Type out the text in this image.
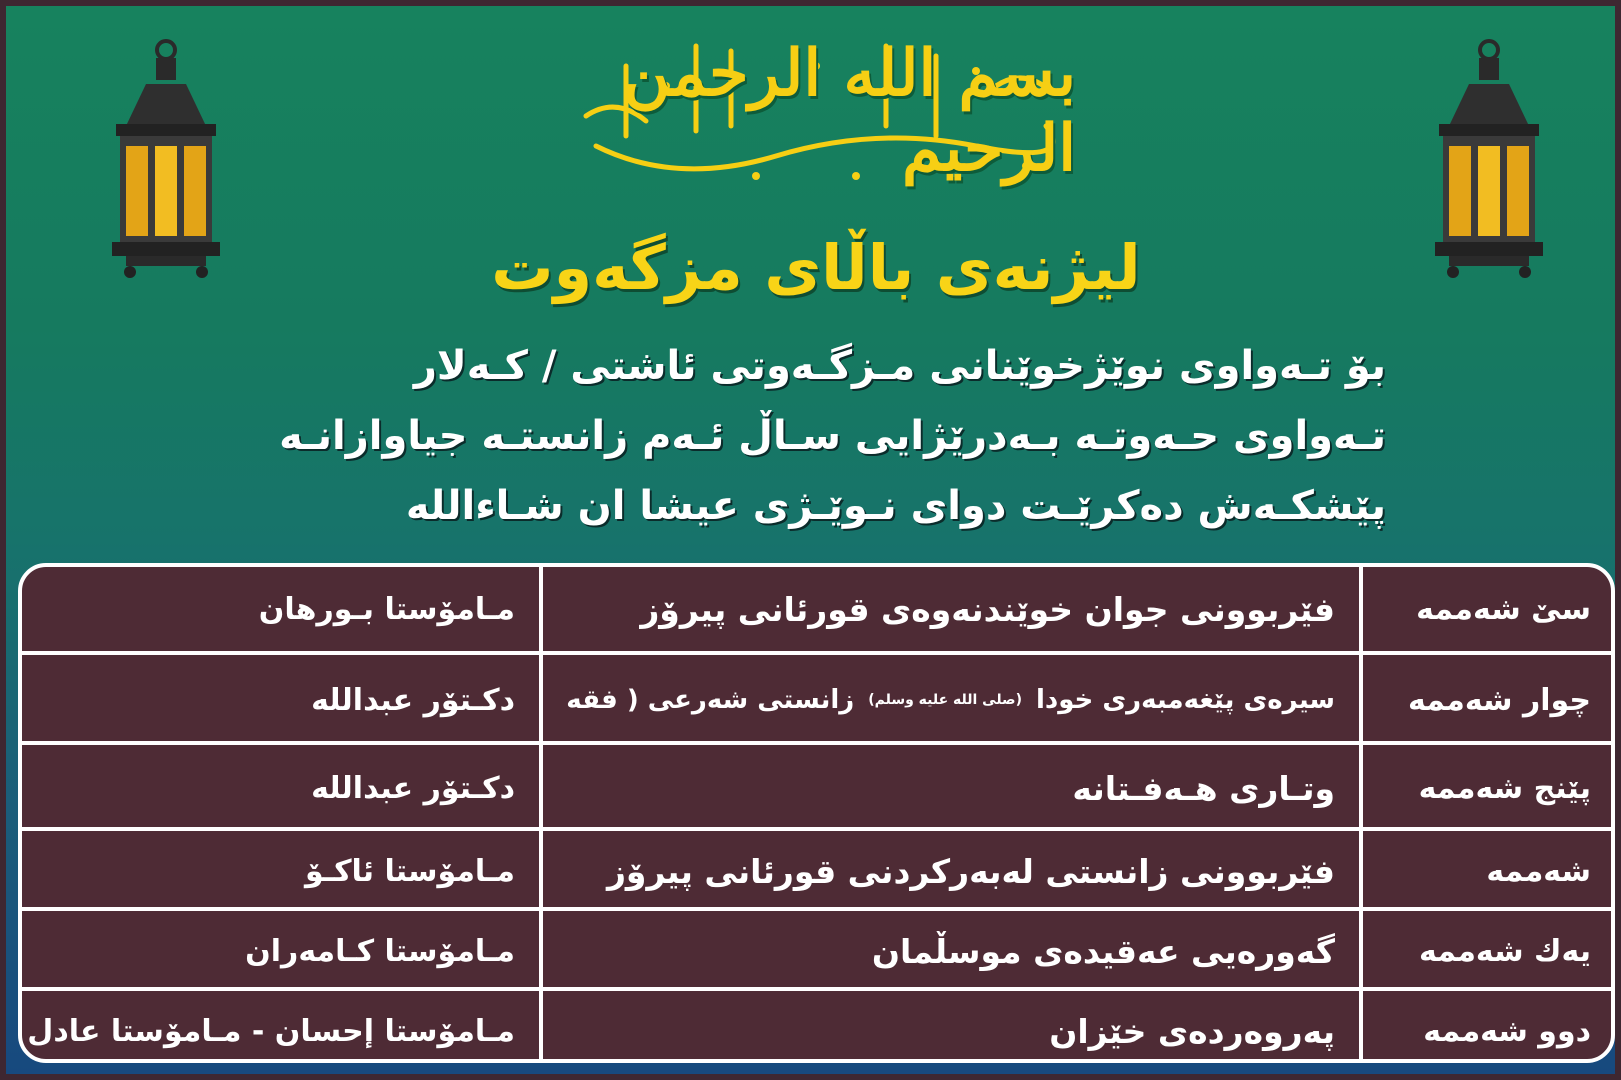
بسم الله الرحمن الرحيم
لیژنەی باڵای مزگەوت
بۆ تـەواوی نوێژخوێنانی مـزگـەوتی ئاشتی / کـەلار
تـەواوی حـەوتـە بـەدرێژایی سـاڵ ئـەم زانستـە جیاوازانـە
پێشکـەش دەکرێـت دوای نـوێـژی عیشا ان شـاءاللە
سێ شەممە
فێربوونی جوان خوێندنەوەی قورئانی پیرۆز
مـامۆستا بـورهان
چوار شەممە
سیرەی پێغەمبەری خودا
(صلی الله علیه وسلم)
زانستی شەرعی ( فقه
دکـتۆر عبداللە
پێنج شەممە
وتـاری هـەفـتانە
دکـتۆر عبداللە
شەممە
فێربوونی زانستی لەبەرکردنی قورئانی پیرۆز
مـامۆستا ئاکـۆ
یەك شەممە
گەورەیی عەقیدەی موسڵمان
مـامۆستا کـامەران
دوو شەممە
پەروەردەی خێزان
مـامۆستا إحسان - مـامۆستا عادل
